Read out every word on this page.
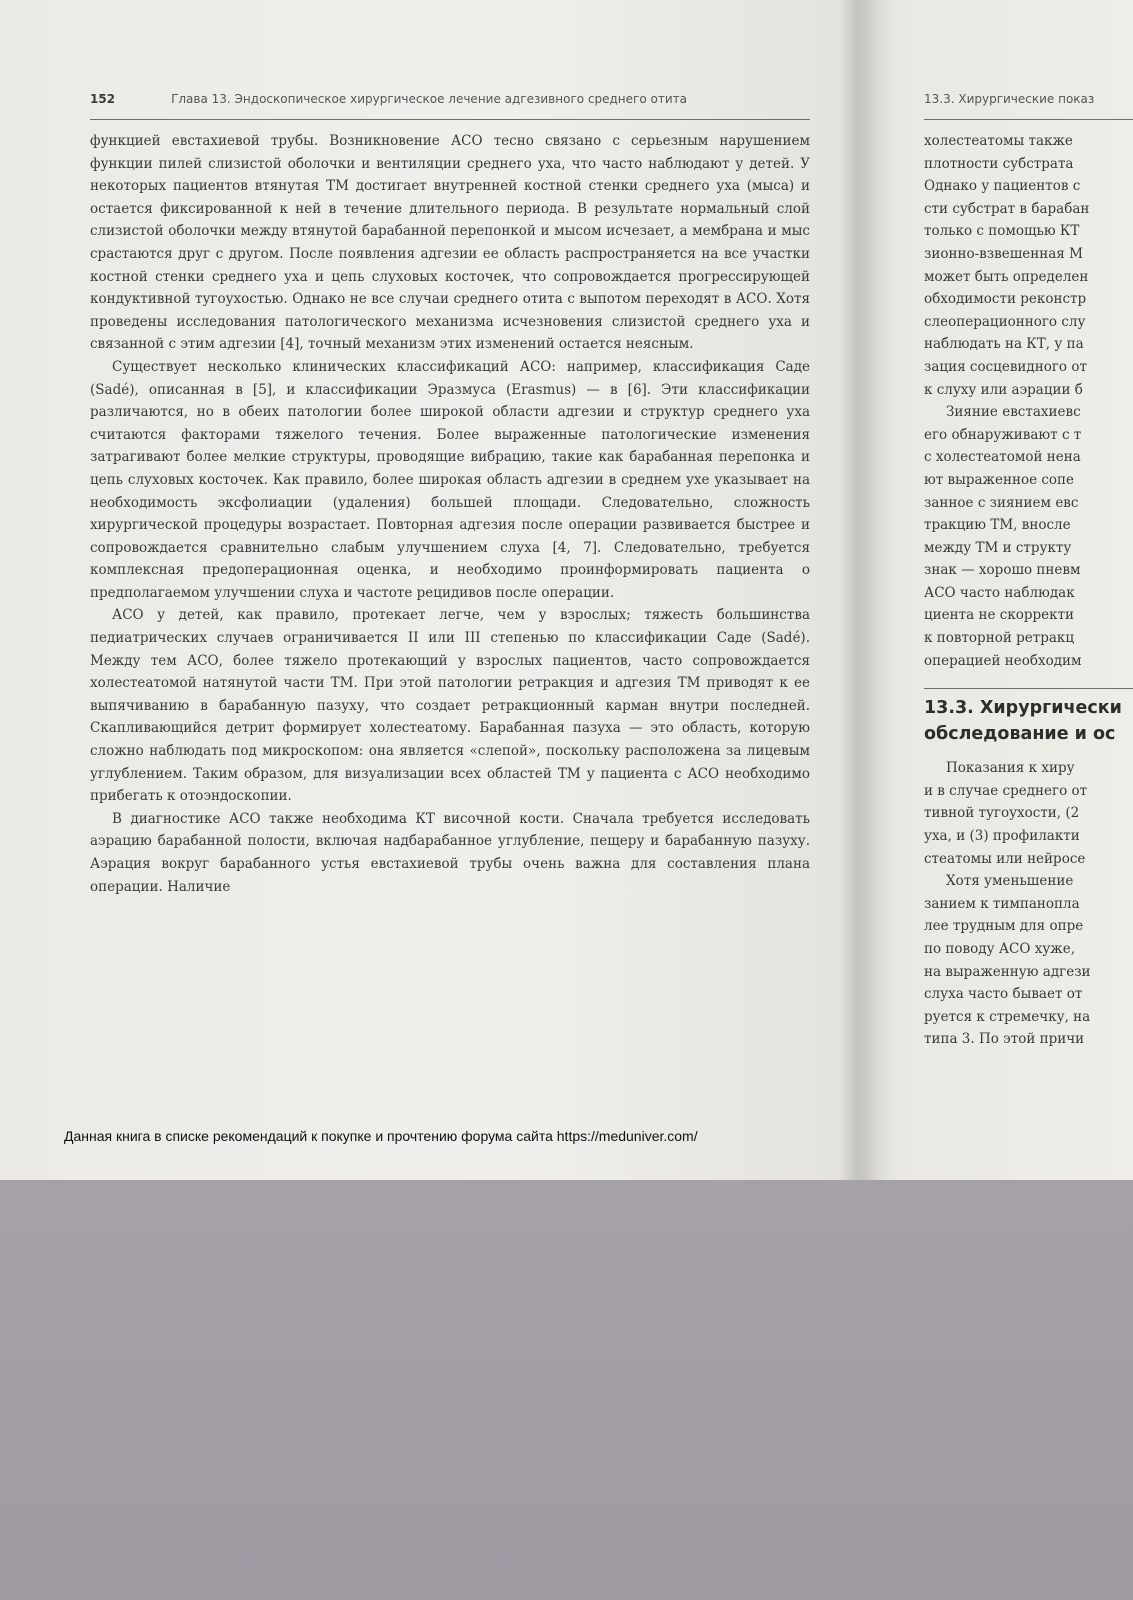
152	Глава 13. Эндоскопическое хирургическое лечение адгезивного среднего отита

функцией евстахиевой трубы. Возникновение АСО тесно связано с серьезным нарушением функции пилей слизистой оболочки и вентиляции среднего уха, что часто наблюдают у детей. У некоторых пациентов втянутая ТМ достигает внутренней костной стенки среднего уха (мыса) и остается фиксированной к ней в течение длительного периода. В результате нормальный слой слизистой оболочки между втянутой барабанной перепонкой и мысом исчезает, а мембрана и мыс срастаются друг с другом. После появления адгезии ее область распространяется на все участки костной стенки среднего уха и цепь слуховых косточек, что сопровождается прогрессирующей кондуктивной тугоухостью. Однако не все случаи среднего отита с выпотом переходят в АСО. Хотя проведены исследования патологического механизма исчезновения слизистой среднего уха и связанной с этим адгезии [4], точный механизм этих изменений остается неясным.

Существует несколько клинических классификаций АСО: например, классификация Саде (Sadé), описанная в [5], и классификации Эразмуса (Erasmus) — в [6]. Эти классификации различаются, но в обеих патологии более широкой области адгезии и структур среднего уха считаются факторами тяжелого течения. Более выраженные патологические изменения затрагивают более мелкие структуры, проводящие вибрацию, такие как барабанная перепонка и цепь слуховых косточек. Как правило, более широкая область адгезии в среднем ухе указывает на необходимость эксфолиации (удаления) большей площади. Следовательно, сложность хирургической процедуры возрастает. Повторная адгезия после операции развивается быстрее и сопровождается сравнительно слабым улучшением слуха [4, 7]. Следовательно, требуется комплексная предоперационная оценка, и необходимо проинформировать пациента о предполагаемом улучшении слуха и частоте рецидивов после операции.

АСО у детей, как правило, протекает легче, чем у взрослых; тяжесть большинства педиатрических случаев ограничивается II или III степенью по классификации Саде (Sadé). Между тем АСО, более тяжело протекающий у взрослых пациентов, часто сопровождается холестеатомой натянутой части ТМ. При этой патологии ретракция и адгезия ТМ приводят к ее выпячиванию в барабанную пазуху, что создает ретракционный карман внутри последней. Скапливающийся детрит формирует холестеатому. Барабанная пазуха — это область, которую сложно наблюдать под микроскопом: она является «слепой», поскольку расположена за лицевым углублением. Таким образом, для визуализации всех областей ТМ у пациента с АСО необходимо прибегать к отоэндоскопии.

В диагностике АСО также необходима КТ височной кости. Сначала требуется исследовать аэрацию барабанной полости, включая надбарабанное углубление, пещеру и барабанную пазуху. Аэрация вокруг барабанного устья евстахиевой трубы очень важна для составления плана операции. Наличие

13.3. Хирургические показ
холестеатомы также
плотности субстрата
Однако у пациентов с
сти субстрат в барабан
только с помощью КТ
зионно-взвешенная М
может быть определен
обходимости реконстр
слеоперационного слу
наблюдать на КТ, у па
зация сосцевидного от
к слуху или аэрации б
Зияние евстахиевс
его обнаруживают с т
с холестеатомой нена
ют выраженное сопе
занное с зиянием евс
тракцию ТМ, вносле
между ТМ и структу
знак — хорошо пневм
АСО часто наблюдак
циента не скорректи
к повторной ретракц
операцией необходим
13.3. Хирургически
обследование и ос
Показания к хиру
и в случае среднего от
тивной тугоухости, (2
уха, и (3) профилакти
стеатомы или нейросе
Хотя уменьшение
занием к тимпанопла
лее трудным для опре
по поводу АСО хуже,
на выраженную адгези
слуха часто бывает от
руется к стремечку, на
типа 3. По этой причи
Данная книга в списке рекомендаций к покупке и прочтению форума сайта https://meduniver.com/
